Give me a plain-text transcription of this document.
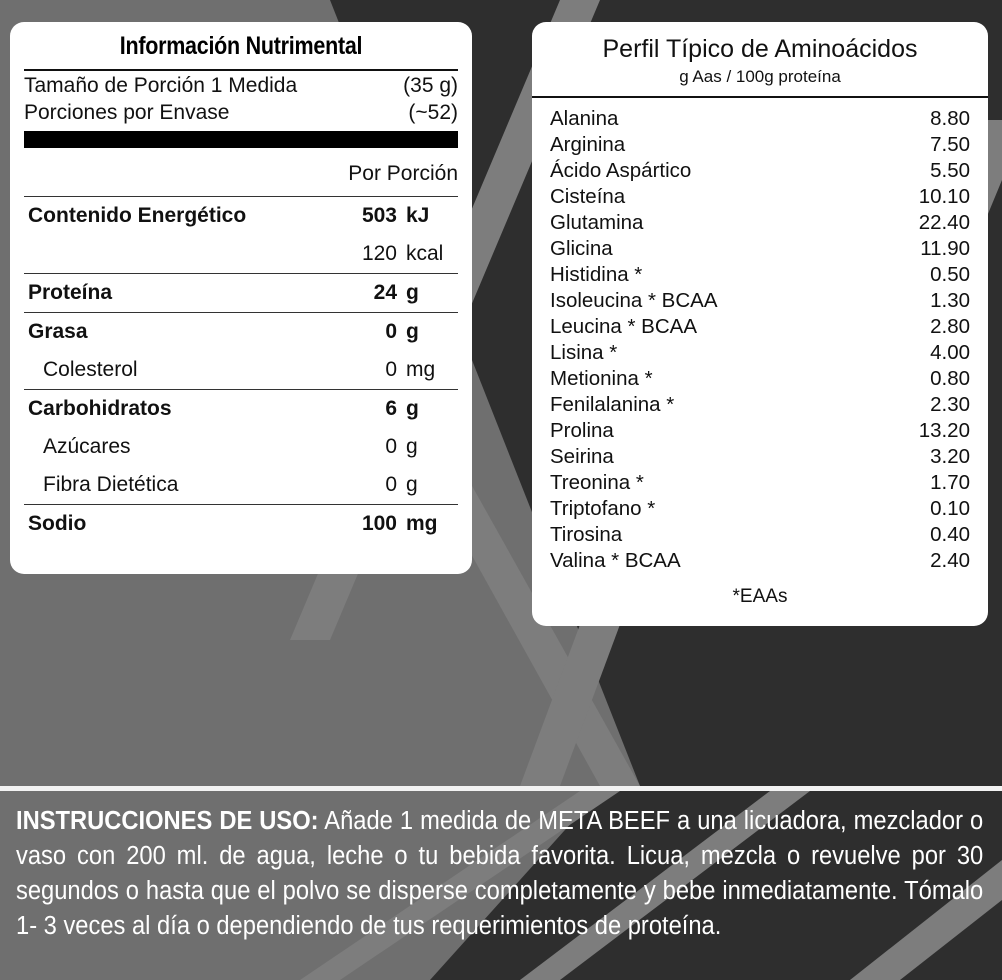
Información Nutrimental
Tamaño de Porción 1 Medida	(35 g)
Porciones por Envase	(~52)
Por Porción
Contenido Energético	503 kJ
120 kcal
Proteína	24 g
Grasa	0 g
Colesterol	0 mg
Carbohidratos	6 g
Azúcares	0 g
Fibra Dietética	0 g
Sodio	100 mg
Perfil Típico de Aminoácidos
g Aas / 100g proteína
Alanina	8.80
Arginina	7.50
Ácido Aspártico	5.50
Cisteína	10.10
Glutamina	22.40
Glicina	11.90
Histidina *	0.50
Isoleucina * BCAA	1.30
Leucina * BCAA	2.80
Lisina *	4.00
Metionina *	0.80
Fenilalanina *	2.30
Prolina	13.20
Seirina	3.20
Treonina *	1.70
Triptofano *	0.10
Tirosina	0.40
Valina * BCAA	2.40
*EAAs

INSTRUCCIONES DE USO: Añade 1 medida de META BEEF a una licuadora, mezclador o vaso con 200 ml. de agua, leche o tu bebida favorita. Licua, mezcla o revuelve por 30 segundos o hasta que el polvo se disperse completamente y bebe inmediatamente. Tómalo 1- 3 veces al día o dependiendo de tus requerimientos de proteína.
